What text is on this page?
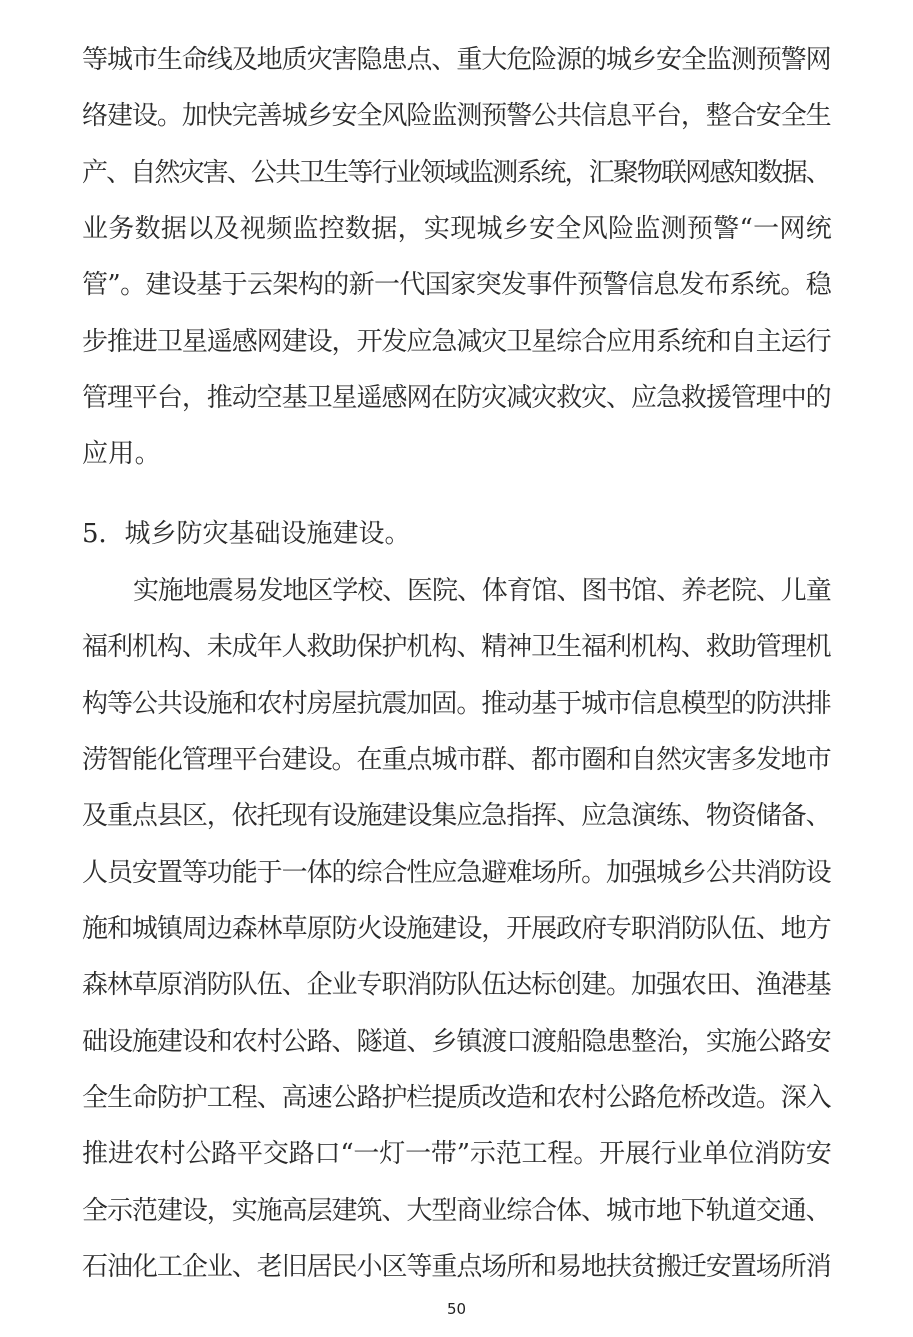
等城市生命线及地质灾害隐患点、重大危险源的城乡安全监测预警网
络建设。加快完善城乡安全风险监测预警公共信息平台，整合安全生
产、自然灾害、公共卫生等行业领域监测系统，汇聚物联网感知数据、
业务数据以及视频监控数据，实现城乡安全风险监测预警“一网统
管”。建设基于云架构的新一代国家突发事件预警信息发布系统。稳
步推进卫星遥感网建设，开发应急减灾卫星综合应用系统和自主运行
管理平台，推动空基卫星遥感网在防灾减灾救灾、应急救援管理中的
应用。
5．城乡防灾基础设施建设。
实施地震易发地区学校、医院、体育馆、图书馆、养老院、儿童
福利机构、未成年人救助保护机构、精神卫生福利机构、救助管理机
构等公共设施和农村房屋抗震加固。推动基于城市信息模型的防洪排
涝智能化管理平台建设。在重点城市群、都市圈和自然灾害多发地市
及重点县区，依托现有设施建设集应急指挥、应急演练、物资储备、
人员安置等功能于一体的综合性应急避难场所。加强城乡公共消防设
施和城镇周边森林草原防火设施建设，开展政府专职消防队伍、地方
森林草原消防队伍、企业专职消防队伍达标创建。加强农田、渔港基
础设施建设和农村公路、隧道、乡镇渡口渡船隐患整治，实施公路安
全生命防护工程、高速公路护栏提质改造和农村公路危桥改造。深入
推进农村公路平交路口“一灯一带”示范工程。开展行业单位消防安
全示范建设，实施高层建筑、大型商业综合体、城市地下轨道交通、
石油化工企业、老旧居民小区等重点场所和易地扶贫搬迁安置场所消
50
